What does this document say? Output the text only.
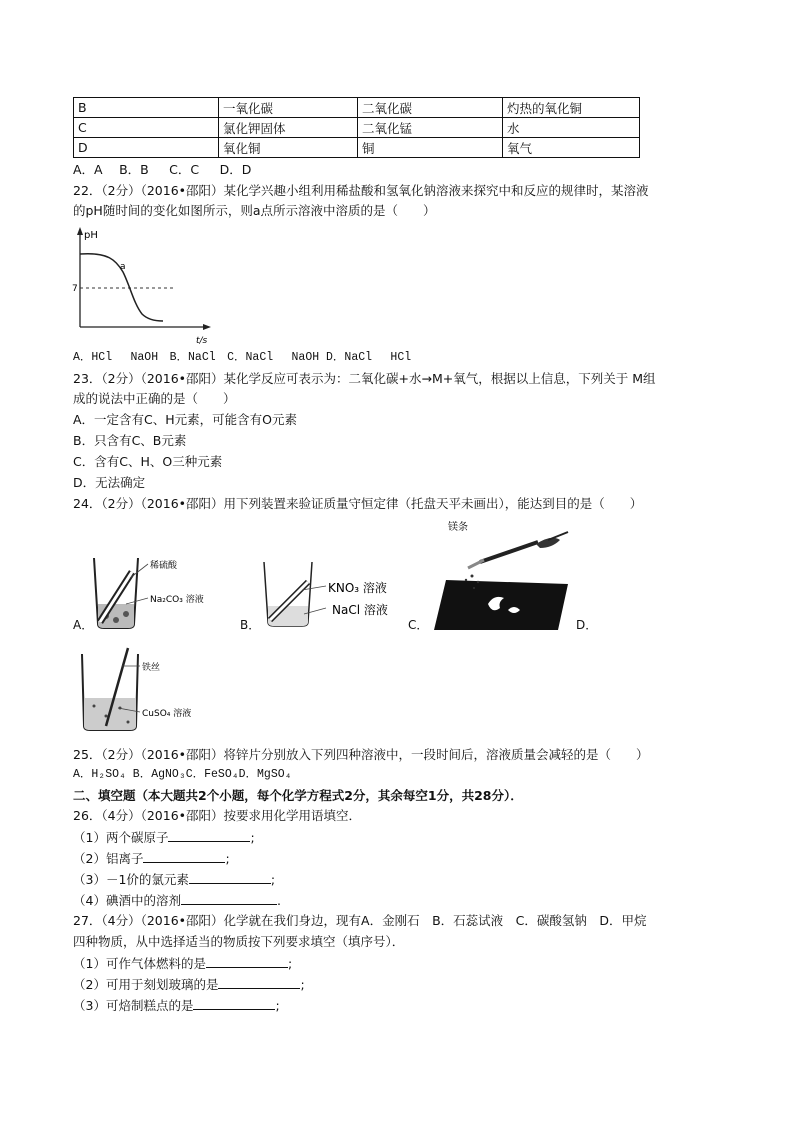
B	一氧化碳	二氧化碳	灼热的氧化铜
C	氯化钾固体	二氧化锰	水
D	氧化铜	铜	氧气
A．A　 B．B 　 C．C 　 D．D
22．（2分）（2016•邵阳）某化学兴趣小组利用稀盐酸和氢氧化钠溶液来探究中和反应的规律时，某溶液
的pH随时间的变化如图所示，则a点所示溶液中溶质的是（　　）
pH
7
a
t/s
A．HCl　 NaOH　B．NaCl　C．NaCl　 NaOH D．NaCl　 HCl
23．（2分）（2016•邵阳）某化学反应可表示为：二氧化碳+水→M+氧气，根据以上信息，下列关于 M组
成的说法中正确的是（　　）
A．一定含有C、H元素，可能含有O元素
B．只含有C、B元素
C．含有C、H、O三种元素
D．无法确定
24．（2分）（2016•邵阳）用下列装置来验证质量守恒定律（托盘天平未画出），能达到目的是（　　）
A．	B．	C．	D．
稀硫酸
Na₂CO₃ 溶液
KNO₃ 溶液
NaCl 溶液
镁条
铁丝
CuSO₄ 溶液
25．（2分）（2016•邵阳）将锌片分别放入下列四种溶液中，一段时间后，溶液质量会减轻的是（　　）
A．H₂SO₄ B．AgNO₃C．FeSO₄D．MgSO₄
二、填空题（本大题共2个小题，每个化学方程式2分，其余每空1分，共28分）．
26．（4分）（2016•邵阳）按要求用化学用语填空．
（1）两个碳原子	;
（2）铝离子	;
（3）－1价的氯元素	;
（4）碘酒中的溶剂	.
27．（4分）（2016•邵阳）化学就在我们身边，现有A．金刚石　B．石蕊试液　C．碳酸氢钠　D．甲烷
四种物质，从中选择适当的物质按下列要求填空（填序号）．
（1）可作气体燃料的是	;
（2）可用于刻划玻璃的是	;
（3）可焙制糕点的是	;
